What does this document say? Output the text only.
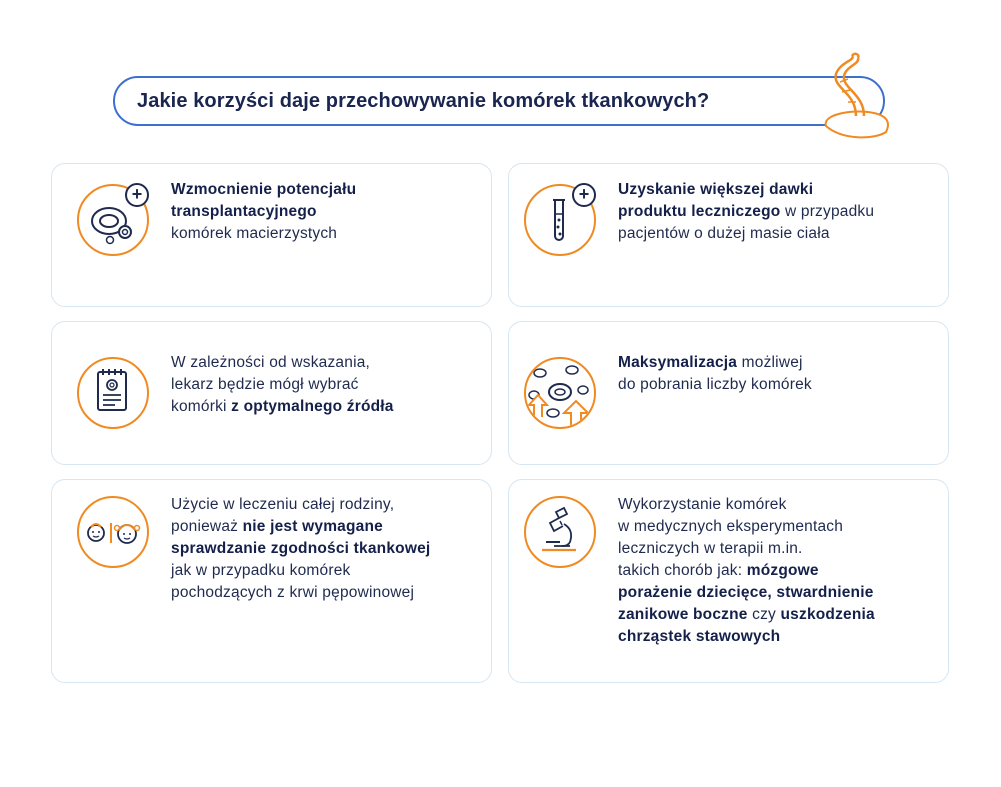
Jakie korzyści daje przechowywanie komórek tkankowych?
+	Wzmocnienie potencjału
transplantacyjnego
komórek macierzystych
+	Uzyskanie większej dawki
produktu leczniczego w przypadku
pacjentów o dużej masie ciała
W zależności od wskazania,
lekarz będzie mógł wybrać
komórki z optymalnego źródła
Maksymalizacja możliwej
do pobrania liczby komórek
Użycie w leczeniu całej rodziny,
ponieważ nie jest wymagane
sprawdzanie zgodności tkankowej
jak w przypadku komórek
pochodzących z krwi pępowinowej
Wykorzystanie komórek
w medycznych eksperymentach
leczniczych w terapii m.in.
takich chorób jak: mózgowe
porażenie dziecięce, stwardnienie
zanikowe boczne czy uszkodzenia
chrząstek stawowych
